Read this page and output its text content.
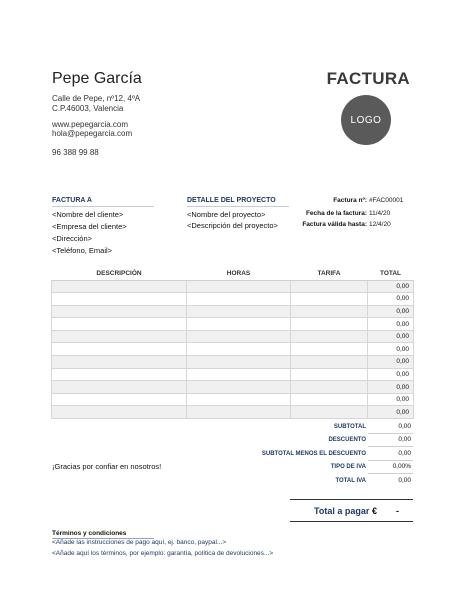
Pepe García
Calle de Pepe, nº12, 4ºA
C.P.46003, Valencia
www.pepegarcia.com
hola@pepegarcia.com
96 388 99 88
FACTURA
LOGO
FACTURA A
<Nombre del cliente>
<Empresa del cliente>
<Dirección>
<Teléfono, Email>
DETALLE DEL PROYECTO
<Nombre del proyecto>
<Descripción del proyecto>
Factura nº: #FAC00001
Fecha de la factura: 11/4/20
Factura válida hasta: 12/4/20
DESCRIPCIÓN	HORAS	TARIFA	TOTAL
			0,00
			0,00
			0,00
			0,00
			0,00
			0,00
			0,00
			0,00
			0,00
			0,00
			0,00
SUBTOTAL	0,00
DESCUENTO	0,00
SUBTOTAL MENOS EL DESCUENTO	0,00
TIPO DE IVA	0,00%
TOTAL IVA	0,00
¡Gracias por confiar en nosotros!
Total a pagar € -
Términos y condiciones
<Añade las instrucciones de pago aquí, ej. banco, paypal...>
<Añade aquí los términos, por ejemplo: garantía, política de devoluciones...>
